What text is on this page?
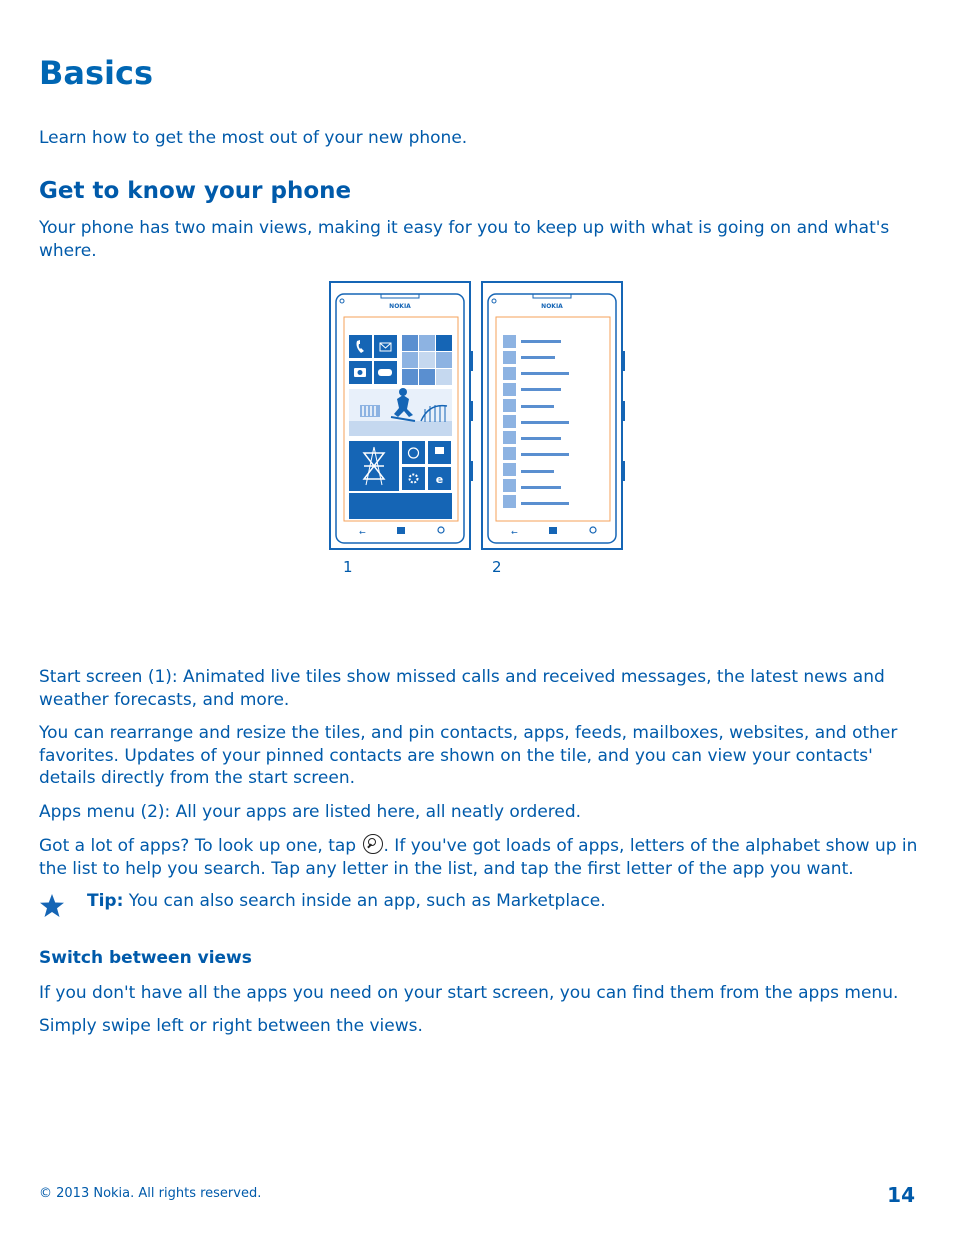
Basics

Learn how to get the most out of your new phone.

Get to know your phone

Your phone has two main views, making it easy for you to keep up with what is going on and what's where.

NOKIA
e
←
NOKIA
←
1	2

Start screen (1): Animated live tiles show missed calls and received messages, the latest news and weather forecasts, and more.

You can rearrange and resize the tiles, and pin contacts, apps, feeds, mailboxes, websites, and other favorites. Updates of your pinned contacts are shown on the tile, and you can view your contacts' details directly from the start screen.

Apps menu (2): All your apps are listed here, all neatly ordered.

Got a lot of apps? To look up one, tap . If you've got loads of apps, letters of the alphabet show up in the list to help you search. Tap any letter in the list, and tap the first letter of the app you want.

Tip: You can also search inside an app, such as Marketplace.

Switch between views

If you don't have all the apps you need on your start screen, you can find them from the apps menu.

Simply swipe left or right between the views.

© 2013 Nokia. All rights reserved.	14
